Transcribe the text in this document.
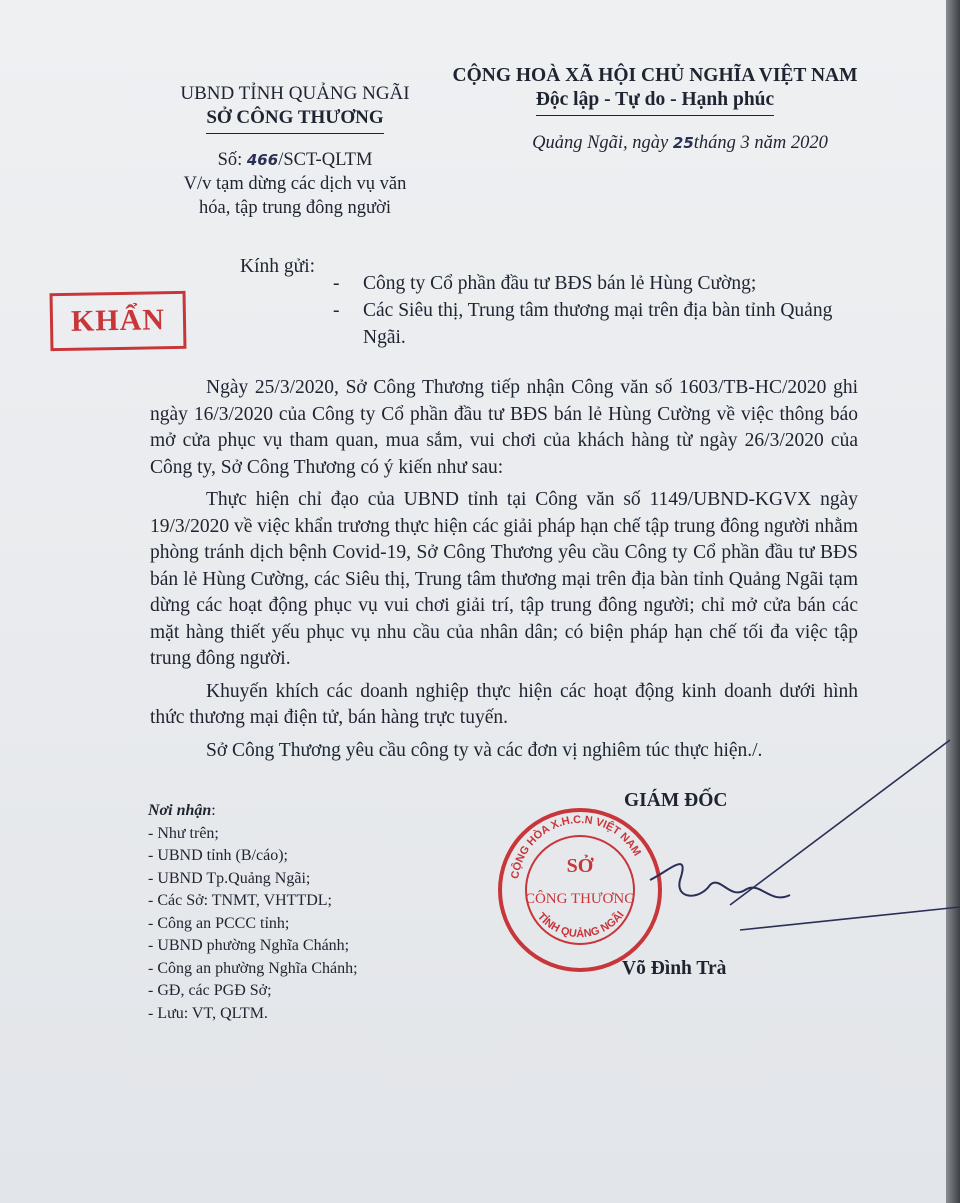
UBND TỈNH QUẢNG NGÃI
SỞ CÔNG THƯƠNG
CỘNG HOÀ XÃ HỘI CHỦ NGHĨA VIỆT NAM
Độc lập - Tự do - Hạnh phúc
Số: 466/SCT-QLTM
V/v tạm dừng các dịch vụ văn
hóa, tập trung đông người
Quảng Ngãi, ngày 25tháng 3 năm 2020
Kính gửi:
- Công ty Cổ phần đầu tư BĐS bán lẻ Hùng Cường;
- Các Siêu thị, Trung tâm thương mại trên địa bàn tỉnh Quảng Ngãi.
KHẨN

Ngày 25/3/2020, Sở Công Thương tiếp nhận Công văn số 1603/TB-HC/2020 ghi ngày 16/3/2020 của Công ty Cổ phần đầu tư BĐS bán lẻ Hùng Cường về việc thông báo mở cửa phục vụ tham quan, mua sắm, vui chơi của khách hàng từ ngày 26/3/2020 của Công ty, Sở Công Thương có ý kiến như sau:

Thực hiện chỉ đạo của UBND tỉnh tại Công văn số 1149/UBND-KGVX ngày 19/3/2020 về việc khẩn trương thực hiện các giải pháp hạn chế tập trung đông người nhằm phòng tránh dịch bệnh Covid-19, Sở Công Thương yêu cầu Công ty Cổ phần đầu tư BĐS bán lẻ Hùng Cường, các Siêu thị, Trung tâm thương mại trên địa bàn tỉnh Quảng Ngãi tạm dừng các hoạt động phục vụ vui chơi giải trí, tập trung đông người; chỉ mở cửa bán các mặt hàng thiết yếu phục vụ nhu cầu của nhân dân; có biện pháp hạn chế tối đa việc tập trung đông người.

Khuyến khích các doanh nghiệp thực hiện các hoạt động kinh doanh dưới hình thức thương mại điện tử, bán hàng trực tuyến.

Sở Công Thương yêu cầu công ty và các đơn vị nghiêm túc thực hiện./.

Nơi nhận:
- Như trên;
- UBND tỉnh (B/cáo);
- UBND Tp.Quảng Ngãi;
- Các Sở: TNMT, VHTTDL;
- Công an PCCC tỉnh;
- UBND phường Nghĩa Chánh;
- Công an phường Nghĩa Chánh;
- GĐ, các PGĐ Sở;
- Lưu: VT, QLTM.
GIÁM ĐỐC
CỘNG HÒA X.H.C.N VIỆT NAM
TỈNH QUẢNG NGÃI
SỞ
CÔNG THƯƠNG
Võ Đình Trà
